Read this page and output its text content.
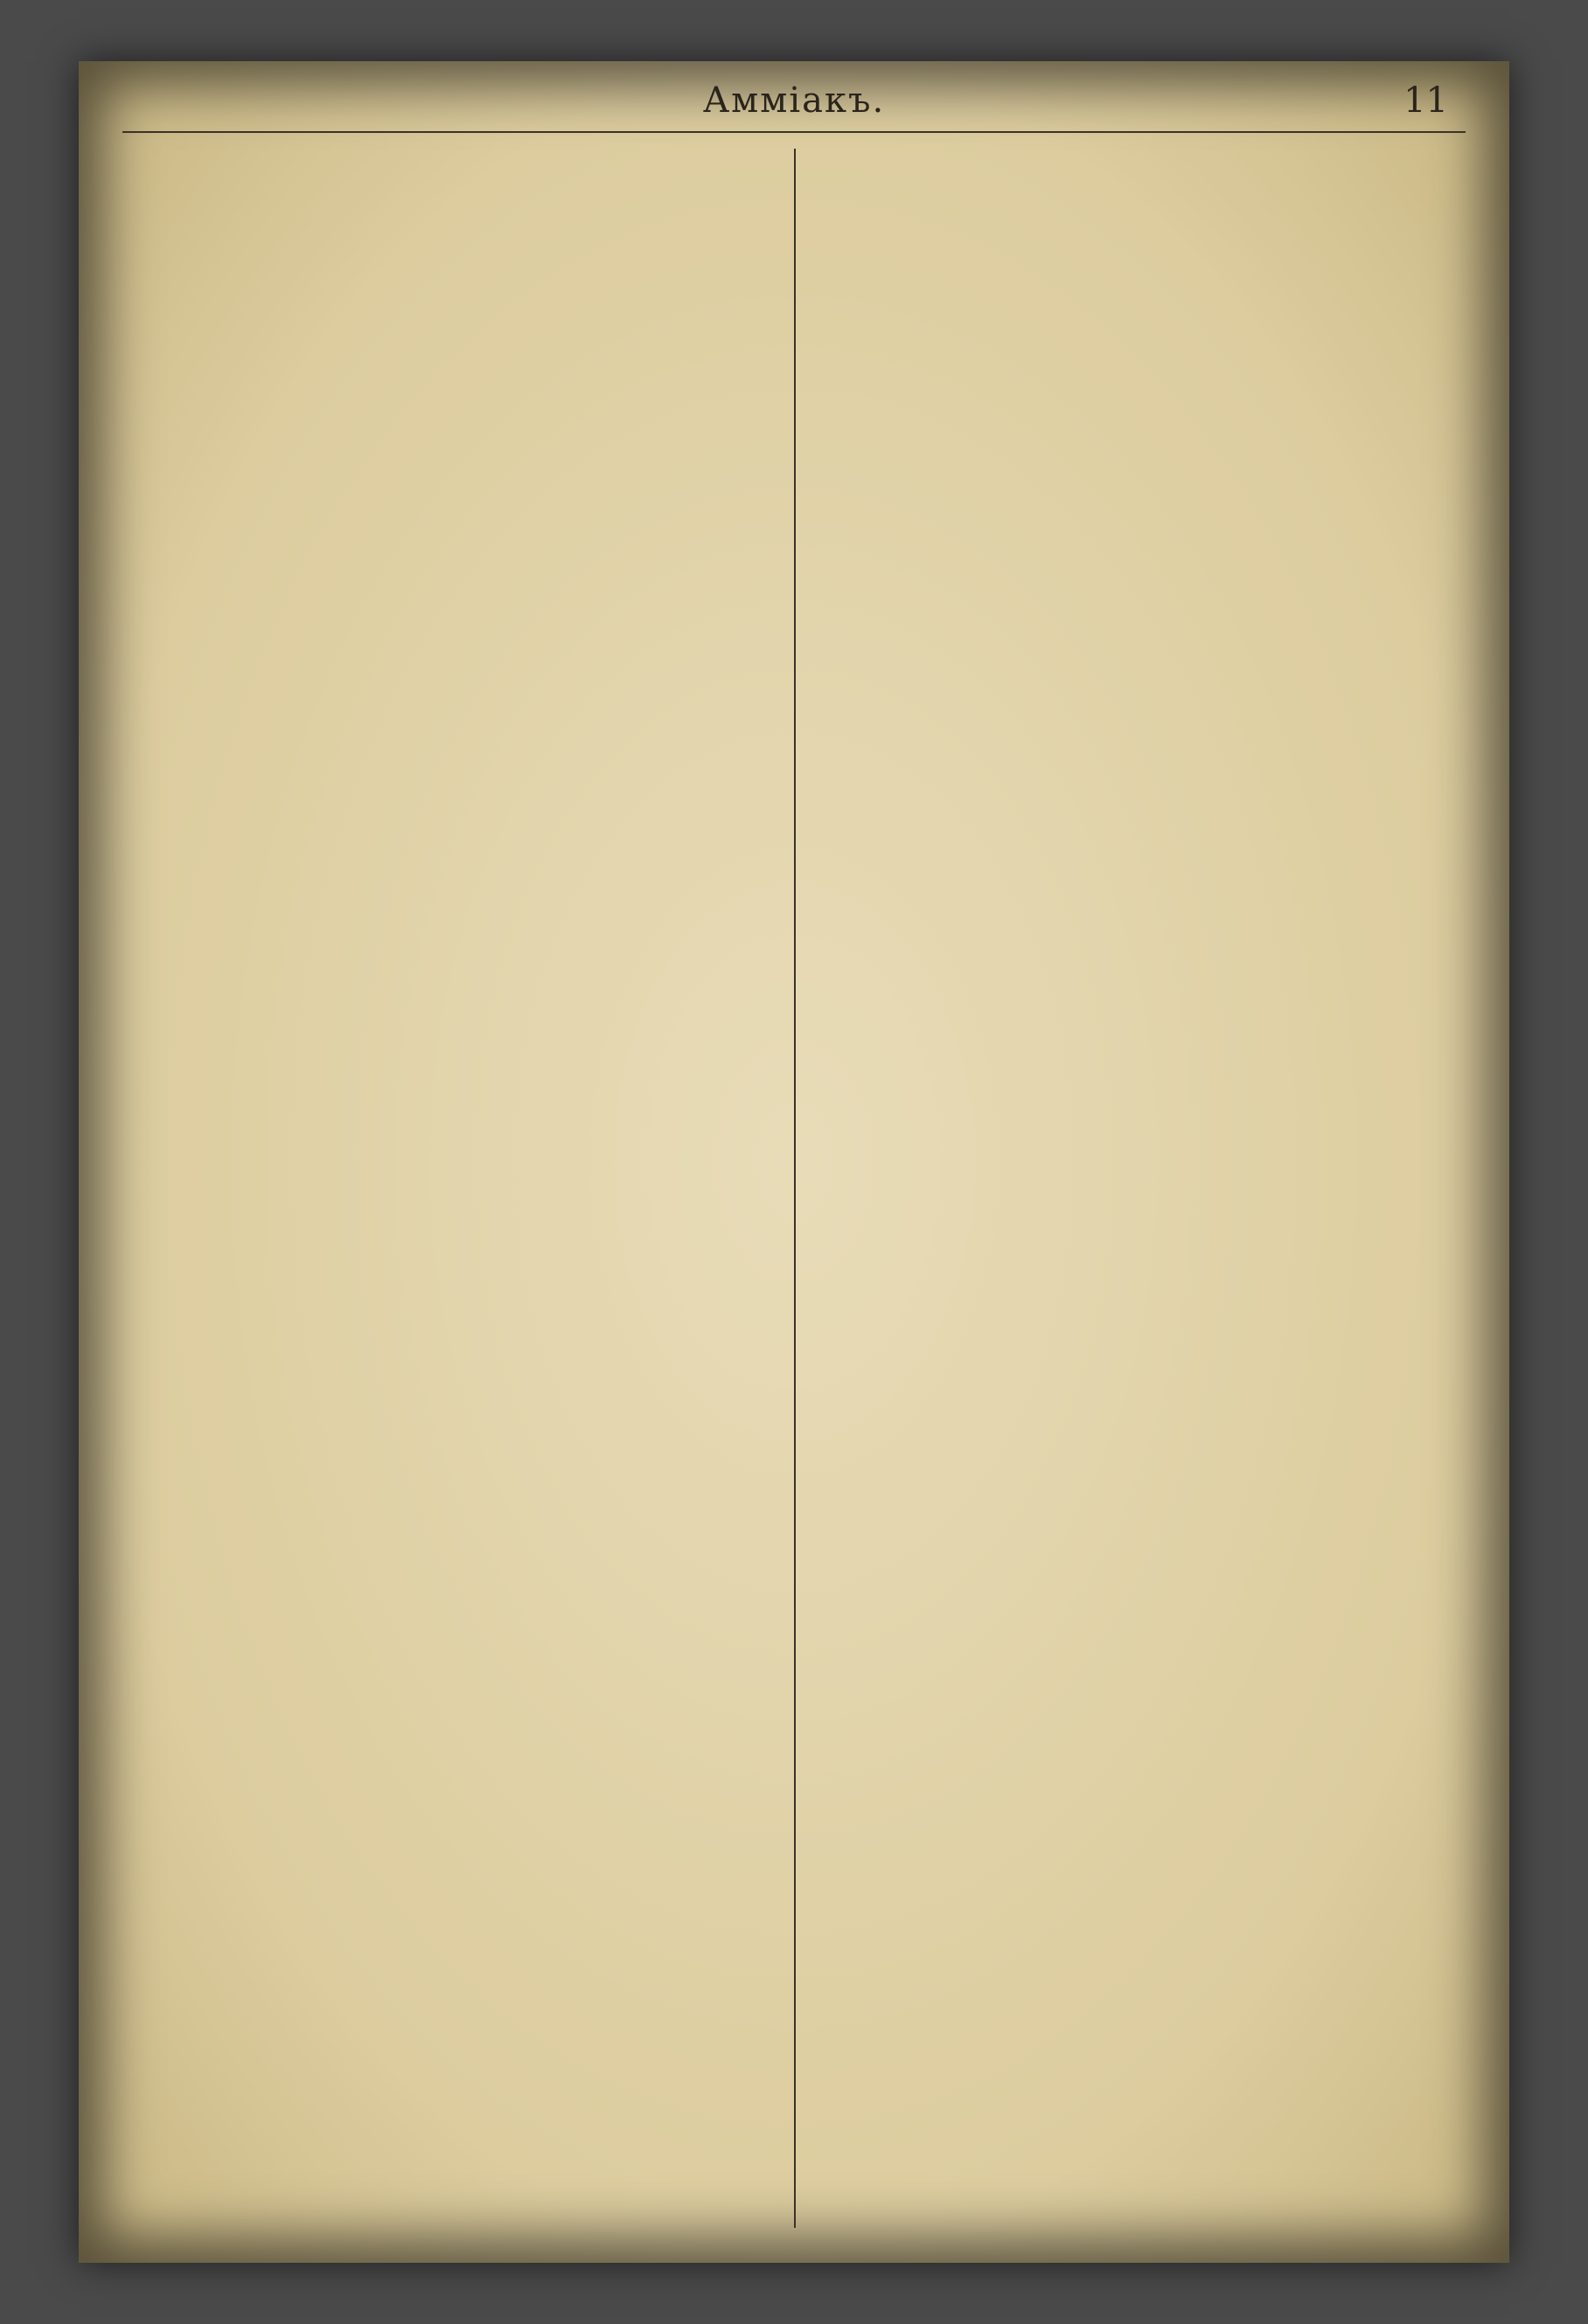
Аммiакъ.	11
